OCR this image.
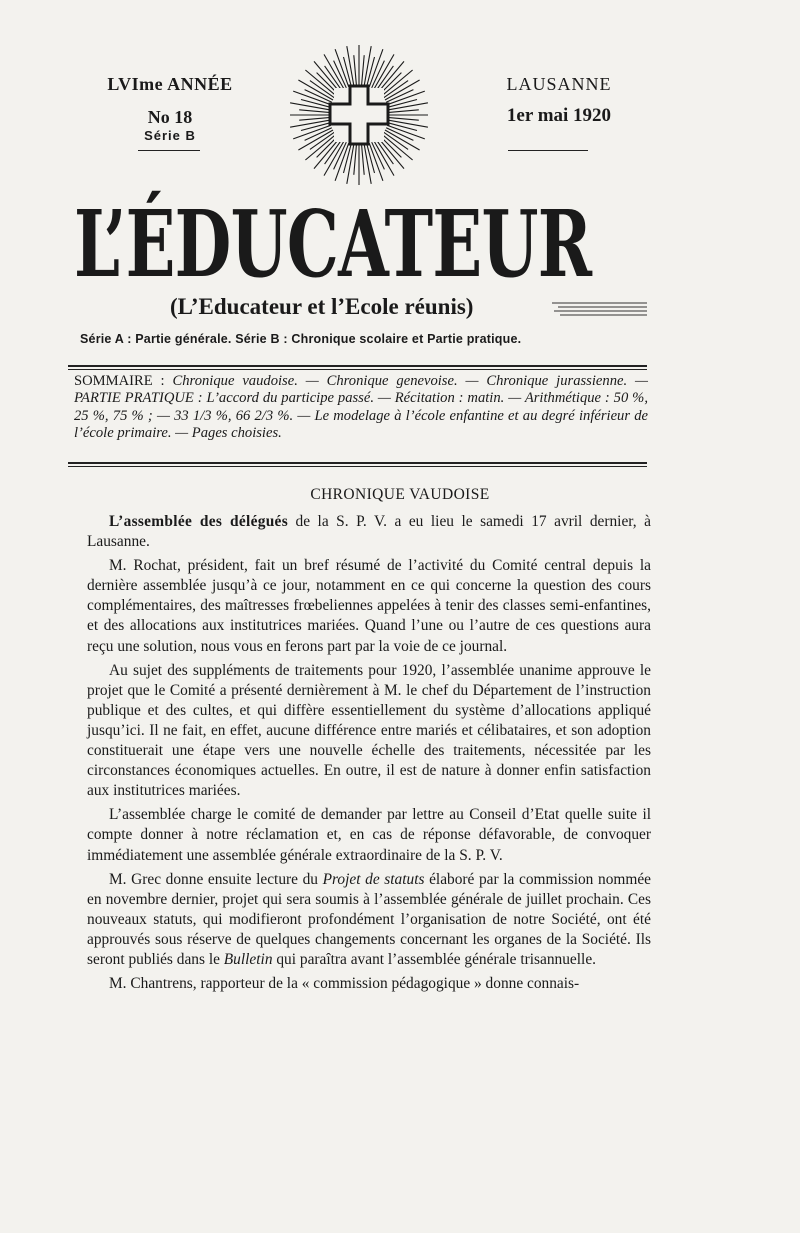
LVIme ANNÉE
No 18
Série B
LAUSANNE
1er mai 1920
L’ÉDUCATEUR
(L’Educateur et l’Ecole réunis)
Série A : Partie générale. Série B : Chronique scolaire et Partie pratique.
SOMMAIRE : Chronique vaudoise. — Chronique genevoise. — Chronique jurassienne. — PARTIE PRATIQUE : L’accord du participe passé. — Récitation : matin. — Arithmétique : 50 %, 25 %, 75 % ; — 33 1/3 %, 66 2/3 %. — Le modelage à l’école enfantine et au degré inférieur de l’école primaire. — Pages choisies.
CHRONIQUE VAUDOISE

L’assemblée des délégués de la S. P. V. a eu lieu le samedi 17 avril dernier, à Lausanne.

M. Rochat, président, fait un bref résumé de l’activité du Comité central depuis la dernière assemblée jusqu’à ce jour, notamment en ce qui concerne la question des cours complémentaires, des maîtresses frœbeliennes appelées à tenir des classes semi-enfantines, et des allocations aux institutrices mariées. Quand l’une ou l’autre de ces questions aura reçu une solution, nous vous en ferons part par la voie de ce journal.

Au sujet des suppléments de traitements pour 1920, l’assemblée unanime approuve le projet que le Comité a présenté dernièrement à M. le chef du Département de l’instruction publique et des cultes, et qui diffère essentiellement du système d’allocations appliqué jusqu’ici. Il ne fait, en effet, aucune différence entre mariés et célibataires, et son adoption constituerait une étape vers une nouvelle échelle des traitements, nécessitée par les circonstances économiques actuelles. En outre, il est de nature à donner enfin satisfaction aux institutrices mariées.

L’assemblée charge le comité de demander par lettre au Conseil d’Etat quelle suite il compte donner à notre réclamation et, en cas de réponse défavorable, de convoquer immédiatement une assemblée générale extraordinaire de la S. P. V.

M. Grec donne ensuite lecture du Projet de statuts élaboré par la commission nommée en novembre dernier, projet qui sera soumis à l’assemblée générale de juillet prochain. Ces nouveaux statuts, qui modifieront profondément l’organisation de notre Société, ont été approuvés sous réserve de quelques changements concernant les organes de la Société. Ils seront publiés dans le Bulletin qui paraîtra avant l’assemblée générale trisannuelle.

M. Chantrens, rapporteur de la « commission pédagogique » donne connais-
